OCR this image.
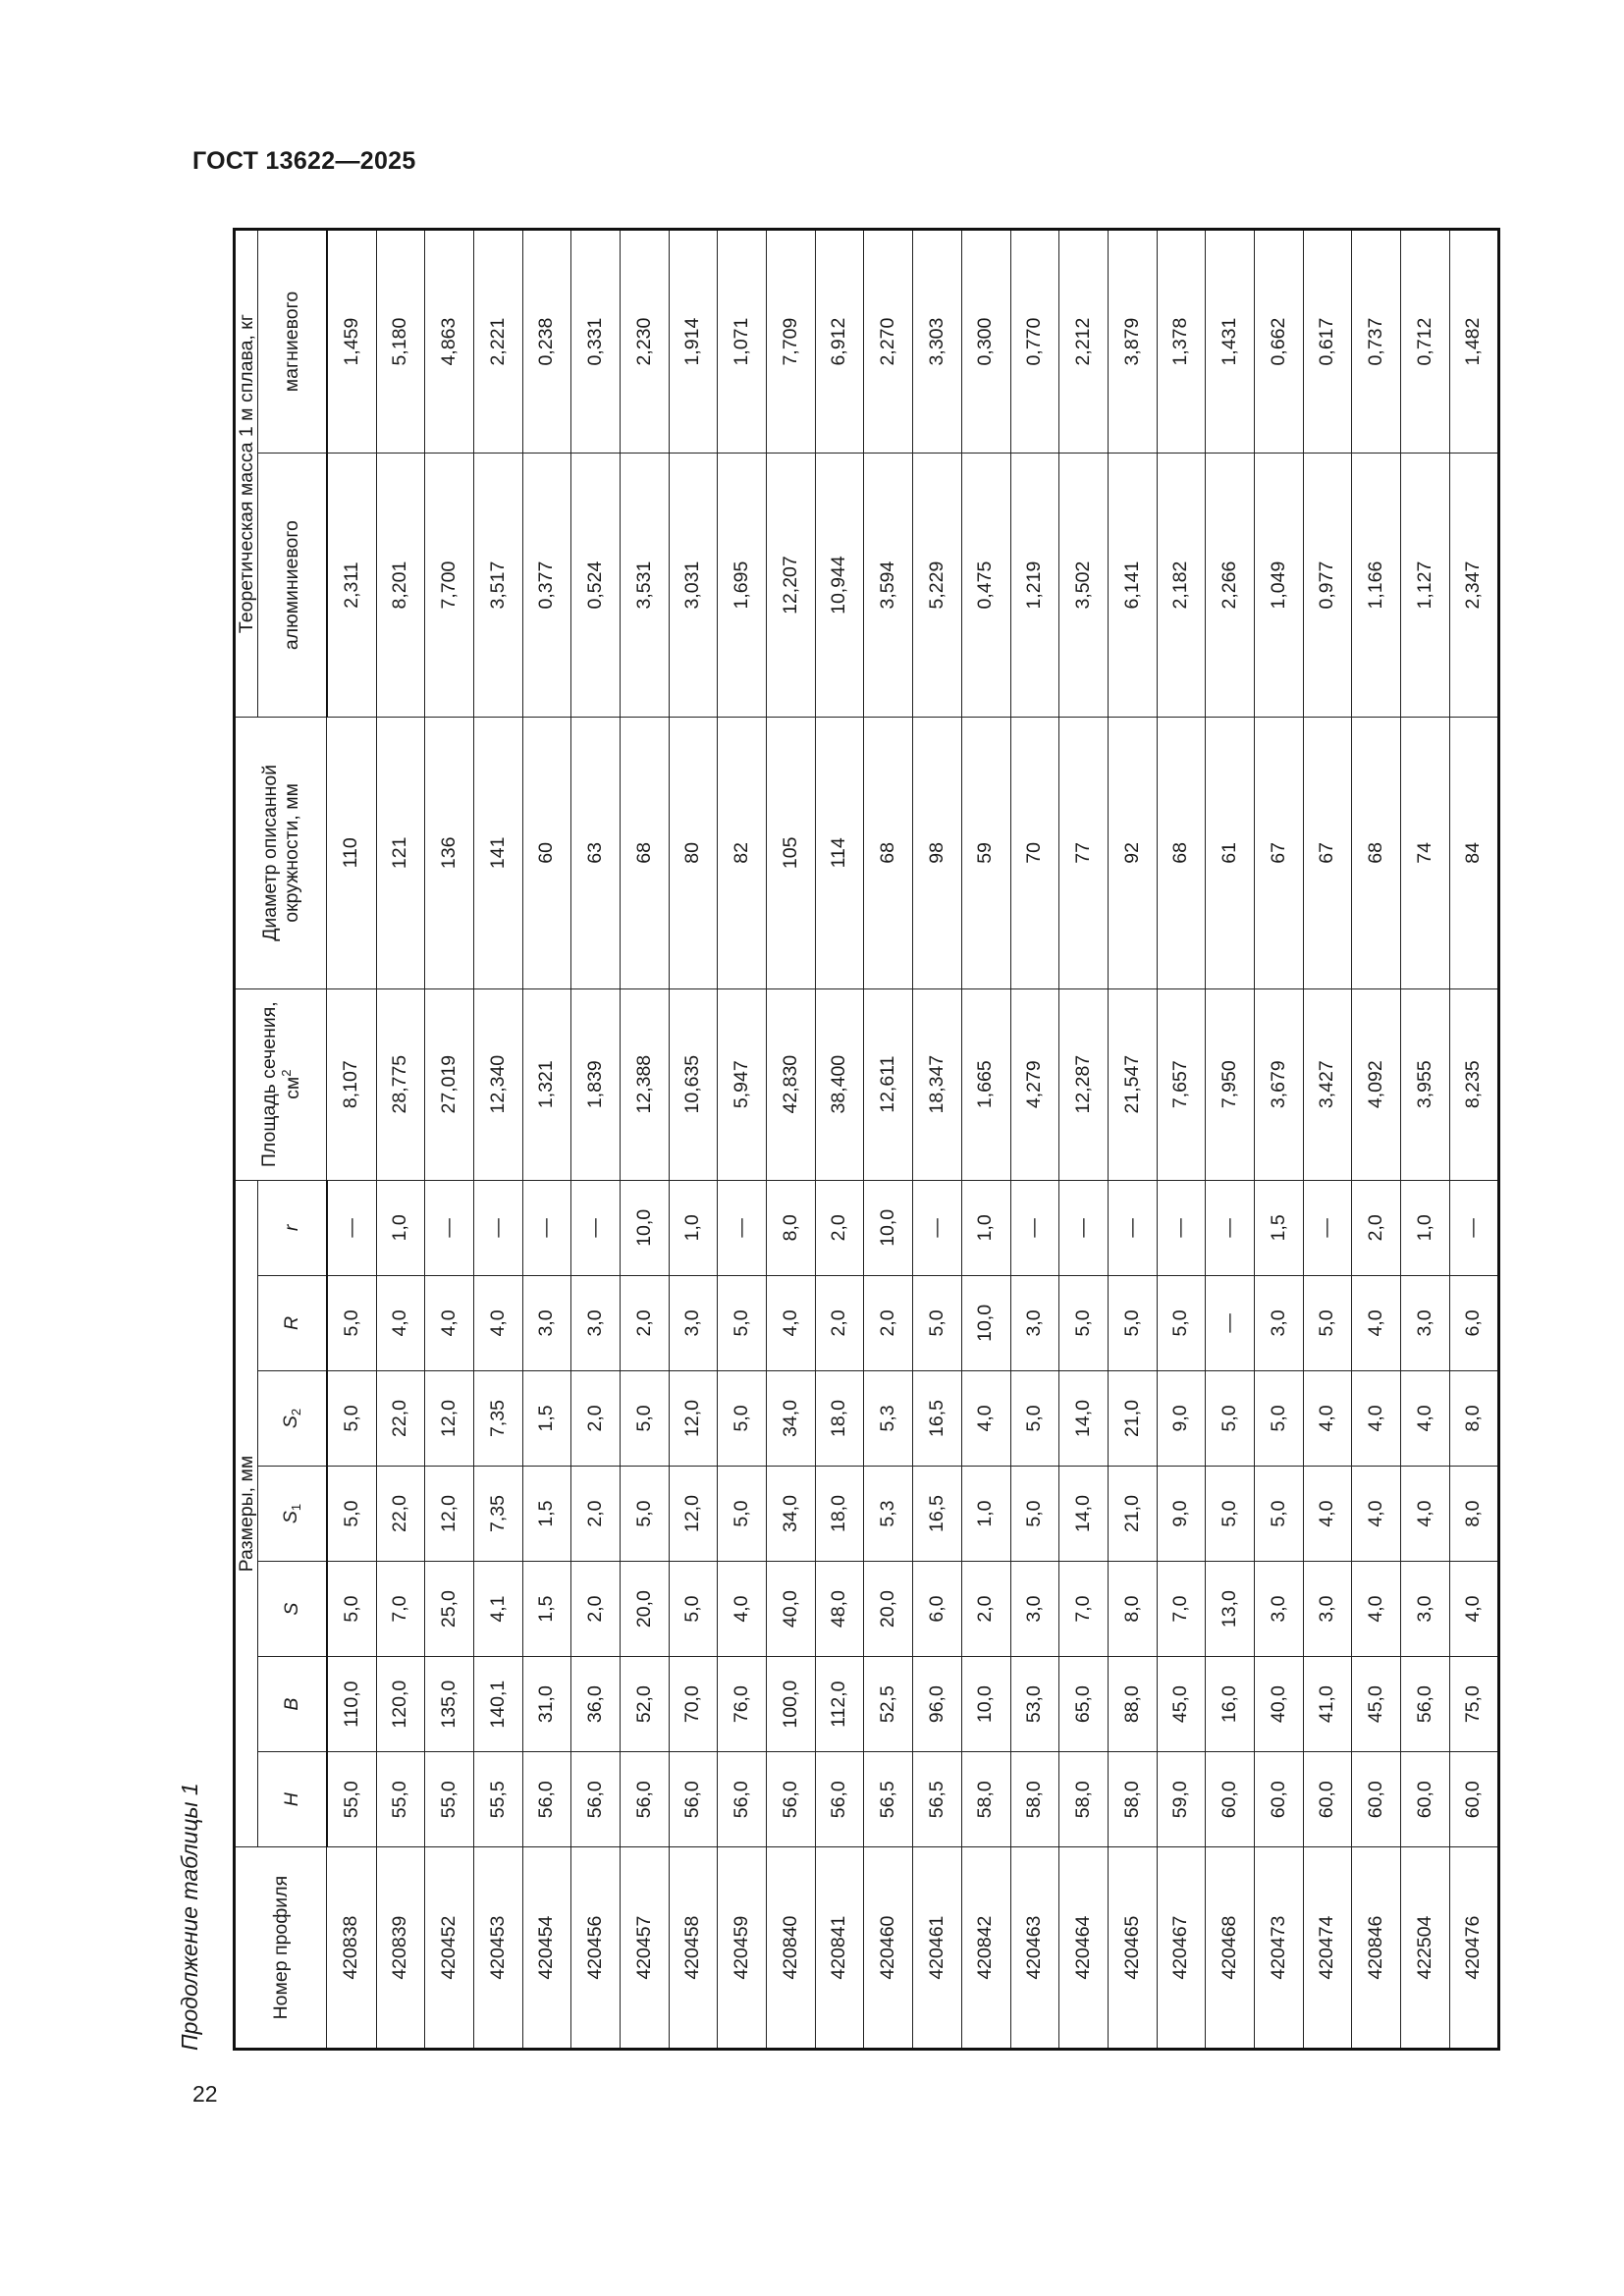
ГОСТ 13622—2025
22
Продолжение таблицы 1	Номер профиля	Размеры, мм							Площадь сечения, $см^2$	Диаметр описанной окружности, мм	Теоретическая масса 1 м сплава, кг	
	H	B	S	$S_1$	$S_2$	R	r			алюминиевого	магниевого
420838	55,0	110,0	5,0	5,0	5,0	5,0	—	8,107	110	2,311	1,459
420839	55,0	120,0	7,0	22,0	22,0	4,0	1,0	28,775	121	8,201	5,180
420452	55,0	135,0	25,0	12,0	12,0	4,0	—	27,019	136	7,700	4,863
420453	55,5	140,1	4,1	7,35	7,35	4,0	—	12,340	141	3,517	2,221
420454	56,0	31,0	1,5	1,5	1,5	3,0	—	1,321	60	0,377	0,238
420456	56,0	36,0	2,0	2,0	2,0	3,0	—	1,839	63	0,524	0,331
420457	56,0	52,0	20,0	5,0	5,0	2,0	10,0	12,388	68	3,531	2,230
420458	56,0	70,0	5,0	12,0	12,0	3,0	1,0	10,635	80	3,031	1,914
420459	56,0	76,0	4,0	5,0	5,0	5,0	—	5,947	82	1,695	1,071
420840	56,0	100,0	40,0	34,0	34,0	4,0	8,0	42,830	105	12,207	7,709
420841	56,0	112,0	48,0	18,0	18,0	2,0	2,0	38,400	114	10,944	6,912
420460	56,5	52,5	20,0	5,3	5,3	2,0	10,0	12,611	68	3,594	2,270
420461	56,5	96,0	6,0	16,5	16,5	5,0	—	18,347	98	5,229	3,303
420842	58,0	10,0	2,0	1,0	4,0	10,0	1,0	1,665	59	0,475	0,300
420463	58,0	53,0	3,0	5,0	5,0	3,0	—	4,279	70	1,219	0,770
420464	58,0	65,0	7,0	14,0	14,0	5,0	—	12,287	77	3,502	2,212
420465	58,0	88,0	8,0	21,0	21,0	5,0	—	21,547	92	6,141	3,879
420467	59,0	45,0	7,0	9,0	9,0	5,0	—	7,657	68	2,182	1,378
420468	60,0	16,0	13,0	5,0	5,0	—	—	7,950	61	2,266	1,431
420473	60,0	40,0	3,0	5,0	5,0	3,0	1,5	3,679	67	1,049	0,662
420474	60,0	41,0	3,0	4,0	4,0	5,0	—	3,427	67	0,977	0,617
420846	60,0	45,0	4,0	4,0	4,0	4,0	2,0	4,092	68	1,166	0,737
422504	60,0	56,0	3,0	4,0	4,0	3,0	1,0	3,955	74	1,127	0,712
420476	60,0	75,0	4,0	8,0	8,0	6,0	—	8,235	84	2,347	1,482
